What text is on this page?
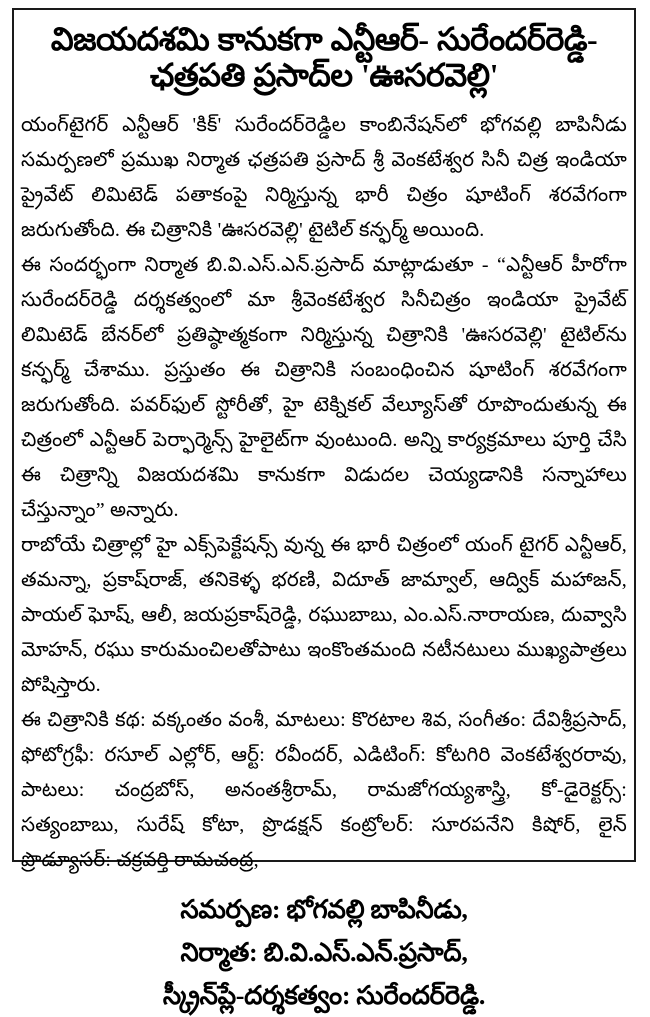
విజయదశమి కానుకగా ఎన్టీఆర్- సురేందర్‌రెడ్డి-ఛత్రపతి ప్రసాద్‌ల 'ఊసరవెల్లి'

యంగ్‌టైగర్ ఎన్టీఆర్ 'కిక్' సురేందర్‌రెడ్డిల కాంబినేషన్‌లో భోగవల్లి బాపినీడు సమర్పణలో ప్రముఖ నిర్మాత ఛత్రపతి ప్రసాద్ శ్రీ వెంకటేశ్వర సినీ చిత్ర ఇండియా ప్రైవేట్ లిమిటెడ్ పతాకంపై నిర్మిస్తున్న భారీ చిత్రం షూటింగ్ శరవేగంగా జరుగుతోంది. ఈ చిత్రానికి 'ఊసరవెల్లి' టైటిల్ కన్ఫర్మ్ అయింది.

ఈ సందర్భంగా నిర్మాత బి.వి.ఎస్.ఎన్.ప్రసాద్ మాట్లాడుతూ - “ఎన్టీఆర్ హీరోగా సురేందర్‌రెడ్డి దర్శకత్వంలో మా శ్రీవెంకటేశ్వర సినీచిత్రం ఇండియా ప్రైవేట్ లిమిటెడ్ బేనర్‌లో ప్రతిష్ఠాత్మకంగా నిర్మిస్తున్న చిత్రానికి 'ఊసరవెల్లి' టైటిల్‌ను కన్ఫర్మ్ చేశాము. ప్రస్తుతం ఈ చిత్రానికి సంబంధించిన షూటింగ్ శరవేగంగా జరుగుతోంది. పవర్‌ఫుల్ స్టోరీతో, హై టెక్నికల్ వేల్యూస్‌తో రూపొందుతున్న ఈ చిత్రంలో ఎన్టీఆర్ పెర్ఫార్మెన్స్ హైలైట్‌గా వుంటుంది. అన్ని కార్యక్రమాలు పూర్తి చేసి ఈ చిత్రాన్ని విజయదశమి కానుకగా విడుదల చెయ్యడానికి సన్నాహాలు చేస్తున్నాం” అన్నారు.

రాబోయే చిత్రాల్లో హై ఎక్స్‌పెక్టేషన్స్ వున్న ఈ భారీ చిత్రంలో యంగ్ టైగర్ ఎన్టీఆర్, తమన్నా, ప్రకాష్‌రాజ్, తనికెళ్ళ భరణి, విదూత్ జామ్వాల్, ఆద్విక్ మహాజన్, పాయల్ ఘోష్, ఆలీ, జయప్రకాష్‌రెడ్డి, రఘుబాబు, ఎం.ఎస్.నారాయణ, దువ్వాసి మోహన్, రఘు కారుమంచిలతోపాటు ఇంకొంతమంది నటీనటులు ముఖ్యపాత్రలు పోషిస్తారు.

ఈ చిత్రానికి కథ: వక్కంతం వంశీ, మాటలు: కొరటాల శివ, సంగీతం: దేవిశ్రీప్రసాద్, ఫోటోగ్రఫీ: రసూల్ ఎల్లోర్, ఆర్ట్: రవీందర్, ఎడిటింగ్: కోటగిరి వెంకటేశ్వరరావు, పాటలు: చంద్రబోస్, అనంతశ్రీరామ్, రామజోగయ్యశాస్త్రి, కో-డైరెక్టర్స్: సత్యంబాబు, సురేష్ కోటా, ప్రొడక్షన్ కంట్రోలర్: సూరపనేని కిషోర్, లైన్ ప్రొడ్యూసర్: చక్రవర్తి రామచంద్ర,

సమర్పణ: భోగవల్లి బాపినీడు,
నిర్మాత: బి.వి.ఎస్.ఎన్.ప్రసాద్,
స్క్రీన్‌ప్లే-దర్శకత్వం: సురేందర్‌రెడ్డి.
